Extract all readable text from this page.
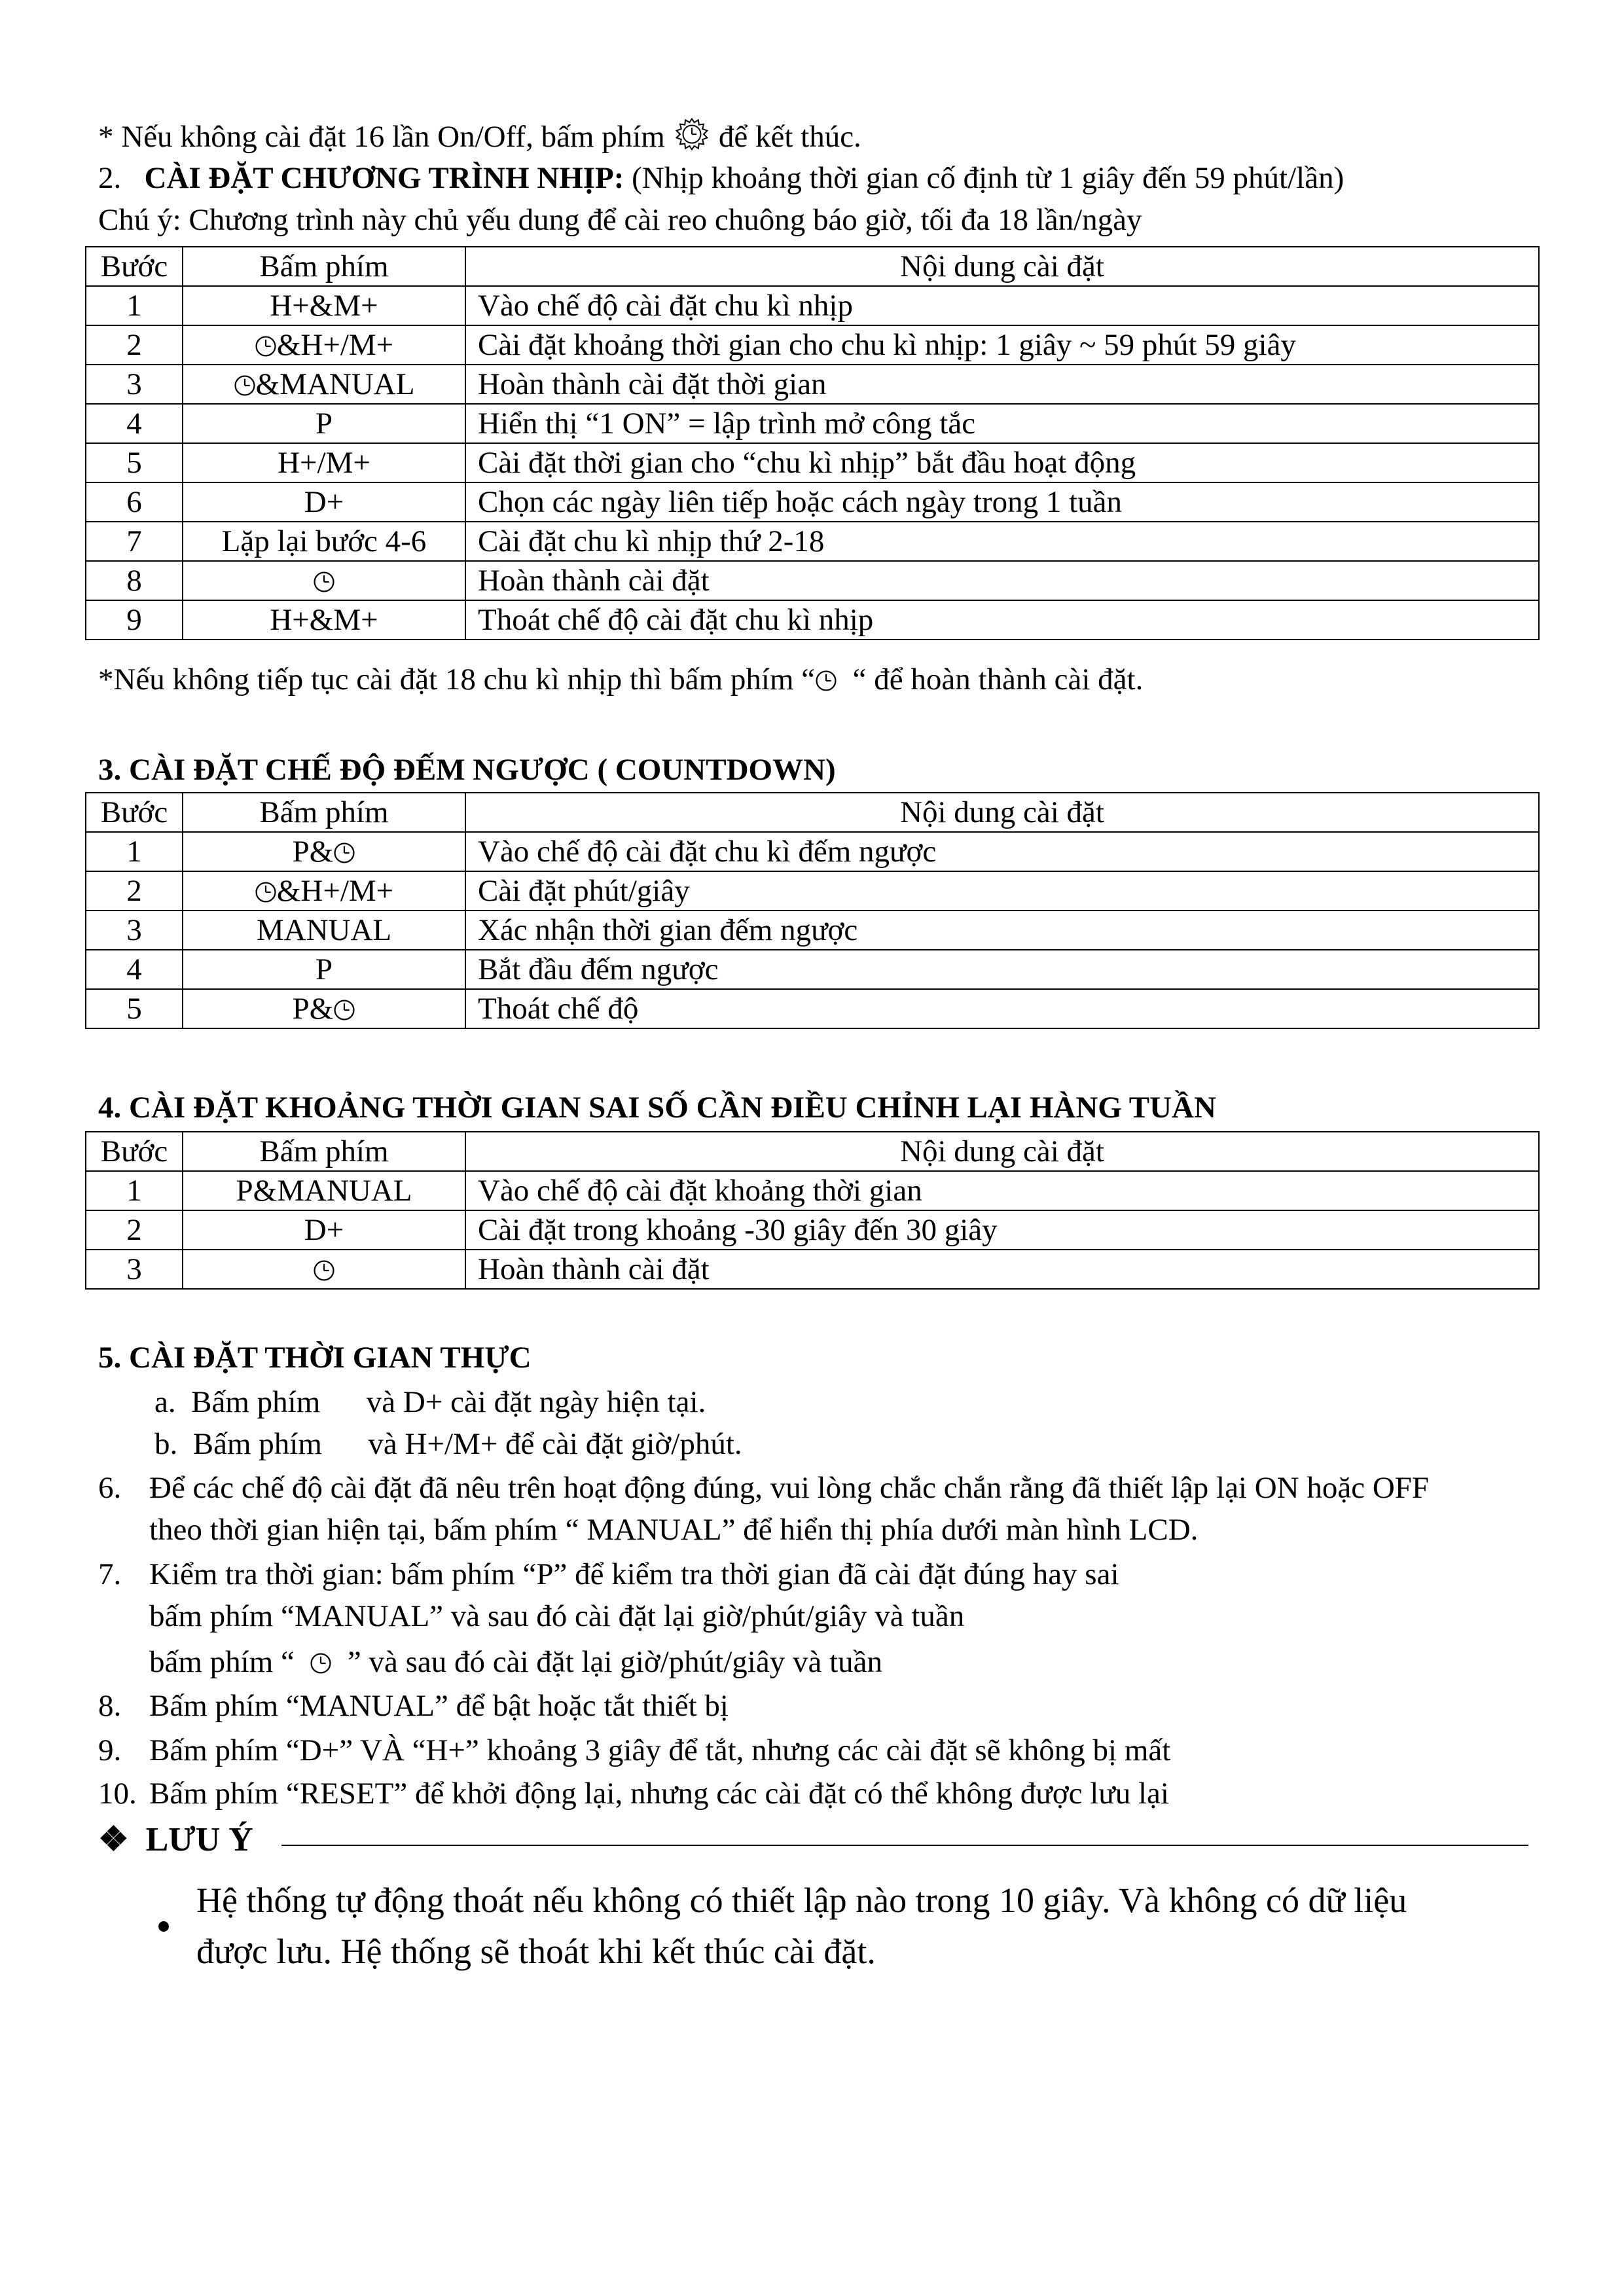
* Nếu không cài đặt 16 lần On/Off, bấm phím để kết thúc.
2. CÀI ĐẶT CHƯƠNG TRÌNH NHỊP: (Nhịp khoảng thời gian cố định từ 1 giây đến 59 phút/lần)
Chú ý: Chương trình này chủ yếu dung để cài reo chuông báo giờ, tối đa 18 lần/ngày
Bước	Bấm phím	Nội dung cài đặt
1	H+&M+	Vào chế độ cài đặt chu kì nhịp
2	&H+/M+	Cài đặt khoảng thời gian cho chu kì nhịp: 1 giây ~ 59 phút 59 giây
3	&MANUAL	Hoàn thành cài đặt thời gian
4	P	Hiển thị “1 ON” = lập trình mở công tắc
5	H+/M+	Cài đặt thời gian cho “chu kì nhịp” bắt đầu hoạt động
6	D+	Chọn các ngày liên tiếp hoặc cách ngày trong 1 tuần
7	Lặp lại bước 4-6	Cài đặt chu kì nhịp thứ 2-18
8		Hoàn thành cài đặt
9	H+&M+	Thoát chế độ cài đặt chu kì nhịp
*Nếu không tiếp tục cài đặt 18 chu kì nhịp thì bấm phím “ “ để hoàn thành cài đặt.
3. CÀI ĐẶT CHẾ ĐỘ ĐẾM NGƯỢC ( COUNTDOWN)
Bước	Bấm phím	Nội dung cài đặt
1	P&	Vào chế độ cài đặt chu kì đếm ngược
2	&H+/M+	Cài đặt phút/giây
3	MANUAL	Xác nhận thời gian đếm ngược
4	P	Bắt đầu đếm ngược
5	P&	Thoát chế độ
4. CÀI ĐẶT KHOẢNG THỜI GIAN SAI SỐ CẦN ĐIỀU CHỈNH LẠI HÀNG TUẦN
Bước	Bấm phím	Nội dung cài đặt
1	P&MANUAL	Vào chế độ cài đặt khoảng thời gian
2	D+	Cài đặt trong khoảng -30 giây đến 30 giây
3		Hoàn thành cài đặt
5. CÀI ĐẶT THỜI GIAN THỰC
a. Bấm phím và D+ cài đặt ngày hiện tại.
b. Bấm phím và H+/M+ để cài đặt giờ/phút.
6. Để các chế độ cài đặt đã nêu trên hoạt động đúng, vui lòng chắc chắn rằng đã thiết lập lại ON hoặc OFF
theo thời gian hiện tại, bấm phím “ MANUAL” để hiển thị phía dưới màn hình LCD.
7. Kiểm tra thời gian: bấm phím “P” để kiểm tra thời gian đã cài đặt đúng hay sai
bấm phím “MANUAL” và sau đó cài đặt lại giờ/phút/giây và tuần
bấm phím “ ” và sau đó cài đặt lại giờ/phút/giây và tuần
8. Bấm phím “MANUAL” để bật hoặc tắt thiết bị
9. Bấm phím “D+” VÀ “H+” khoảng 3 giây để tắt, nhưng các cài đặt sẽ không bị mất
10. Bấm phím “RESET” để khởi động lại, nhưng các cài đặt có thể không được lưu lại
❖ LƯU Ý
Hệ thống tự động thoát nếu không có thiết lập nào trong 10 giây. Và không có dữ liệu
được lưu. Hệ thống sẽ thoát khi kết thúc cài đặt.
